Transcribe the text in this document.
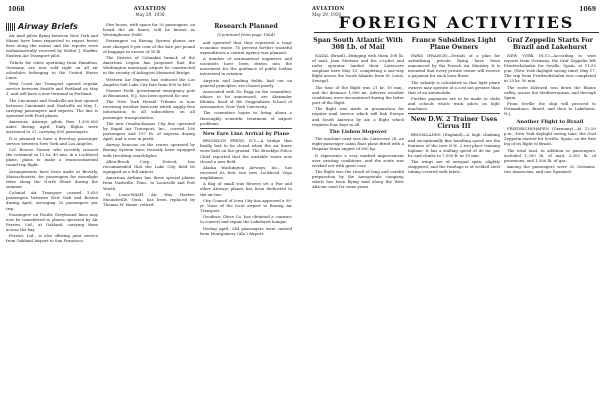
1068	AVIATION
May 29, 1930
Airway Briefs

Air mail pilots flying between New York and Miami have been requested to report forest fires along the routes and the reports were enthusiastically received by Walter J. Shaffer, Eastern Air Transport pilot.

Tickets for cities operating from Hamilton, Germany, are now sold right on all air schedules belonging to the United States Lines.

West Coast Air Transport opened regular service between Seattle and Portland on May 1, and will have a new terminal in Portland.

The Cincinnati and Nashville air line opened between Cincinnati and Nashville on May 1, carrying passengers and express. The line is operated with Ford planes.

American Airways pilots flew 1,300,000 miles during April. Daily flights were increased to 37, carrying 650 passengers.

It is planned to have a five-stop passenger service between New York and Los Angeles.

Col. Roscoe Turner, who recently crossed the continent in 13 hr. 40 min. in a Lockheed plane, plans to make a transcontinental round-trip flight.

Arrangements have been made at Beverly, Massachusetts, for passengers for moonlight rides along the North Shore during the summer.

Colonial Air Transport carried 1,050 passengers between New York and Boston during April, averaging 32 passengers per trip.

Passengers on Pacific Greyhound lines may now be transferred to planes operated by Air Ferries, Ltd., at Oakland, carrying them across the bay.

Ferries, Ltd., is also offering joint service from Oakland Airport to San Francisco.

Five buses, with space for 20 passengers, on board the air liners, will be known as Westinghouse Field.

Passengers on Boeing System planes are now charged 8 per cent of the fare per pound of baggage in excess of 30 lb.

The District of Columbia branch of the American Legion has proposed that the Washington municipal airport be constructed in the vicinity of Arlington Memorial Bridge.

Western Air Express has reduced the Los Angeles-Salt Lake City fare from $90 to $60.

Pioneer Field, government emergency port at Beaumont, N.J., has been opened for use.

The New York Herald Tribune is now receiving weather forecasts which supply free information to all subscribers on all passenger transportation.

The new Omaha-Kansas City line operated by Rapid Air Transport, Inc., carried 106 passengers and 197 lb. of express during April, and is now in profit.

Airway beacons on the routes operated by Boeing System have recently been equipped with revolving searchlights.

Allen-Brook Corp., Detroit, has recommended that the Lake City field be equipped as a full airport.

American Airlines has three special planes from Nashville, Tenn., to Louisville and Fort Worth.

St. Louis-WASH Air Way Harbor, Moundsville, Tenn., has been replaced by Thomas W. Hume, retired.

Research Planned
(Continued from page 1064)

and operated that they represent a huge economic waste. To prevent further wasteful expenditures a central agency was planned.

A number of aeronautical engineers and scientists have been drawn into the movement for the guidance of public bodies interested in aviation.

Airports and landing fields, laid out on general principles, are chosen poorly.

Associated with Dr. Fagg on the committee, others to be announced, are Alexander Klemin, head of the Guggenheim School of Aeronautics, New York University.

The committee hopes to bring about a thoroughly scientific treatment of airport problems.

New Fare Line Arrival by Plane

BROOKLYN PRESS, N.Y.—A bridge that finally had to be closed when the air liners were held on the ground. The Brooklyn Police Chief reported that the unstable water now closed a new field.

Alaska Washington Airways, Inc., has received its first two new Lockheed Vega amphibians.

A flag of small wax flowers set a Fox and other Airways planes has been dedicated to the air line.

City Council of Iowa City has approved a 30-yr. lease of the local airport to Boeing Air Transport.

Geodesic Glove Co. has obtained a contract to convert and repair the Lakehurst hangar.

During April, 244 passengers were carried from Montgomery (Ala.) Airport.

AVIATION
May 29, 1930
1069
FOREIGN ACTIVITIES
Span South Atlantic With 308 Lb. of Mail

NATAL (Brazil)—Bringing with them 308 lb. of mail, Jean Mermoz and his co-pilot and radio operator landed their Latecoere seaplane here May 13, completing a one-way flight across the South Atlantic from St. Louis, Senegal.

The time of the flight was 21 hr. 10 min., and the distance 1,900 mi. Adverse weather conditions were encountered during the latter part of the flight.

The flight was made in preparation for regular mail service which will link Europe and South America by air, a flight which requires four days in all.

The Lisbon Stopover

The machine used was the Latecoere 28, an eight-passenger cabin float plane fitted with a Hispano-Suiza engine of 600 hp.

It represents a very marked improvement over existing conditions, and the route was worked out with great care.

The flight was the result of long and careful preparation by the Aeropostale company, which has been flying mail along the West African coast for some years.

France Subsidizes Light Plane Owners

PARIS (FRANCE)—Details of a plan for subsidizing private flying have been announced by the French Air Ministry. It is intended that every private owner will receive a payment for each hour flown.

The subsidy is calculated so that light plane owners may operate at a cost not greater than that of an automobile.

Further payments are to be made to clubs and schools which train pilots on light machines.

New D.W. 2 Trainer Uses Cirrus III

BROOKLANDS (England)—A high climbing and exceptionally fine handling speed are the features of the new D.W. 2 two-place training biplane. It has a stalling speed of 40 mi. per hr. and climbs to 7,000 ft. in 10 min.

The wings are of unequal span, slightly staggered, and the fuselage is of welded steel tubing covered with fabric.

Graf Zeppelin Starts For Brazil and Lakehurst

NEW YORK (N.Y.)—According to wire reports from Germany, the Graf Zeppelin left Friedrichshafen for Seville, Spain, at 11:55 p.m. (New York daylight saving time) May 17. The trip from Friedrichshafen was completed in 25 hr. 30 min.

The route followed was down the Rhone valley, across the Mediterranean, and through Spain.

From Seville the ship will proceed to Pernambuco, Brazil, and then to Lakehurst, N.J.

Another Flight to Brazil

FRIEDRICHSHAFEN (Germany)—At 12:20 p.m., New York daylight saving time, the Graf Zeppelin started for Seville, Spain, on the first leg of its flight to Brazil.

The total load, in addition to passengers, included 1,200 lb. of mail, 2,000 lb. of provisions, and 1,500 lb. of gas.

Among the passengers were 20 Germans, two Americans, and one Spaniard.
